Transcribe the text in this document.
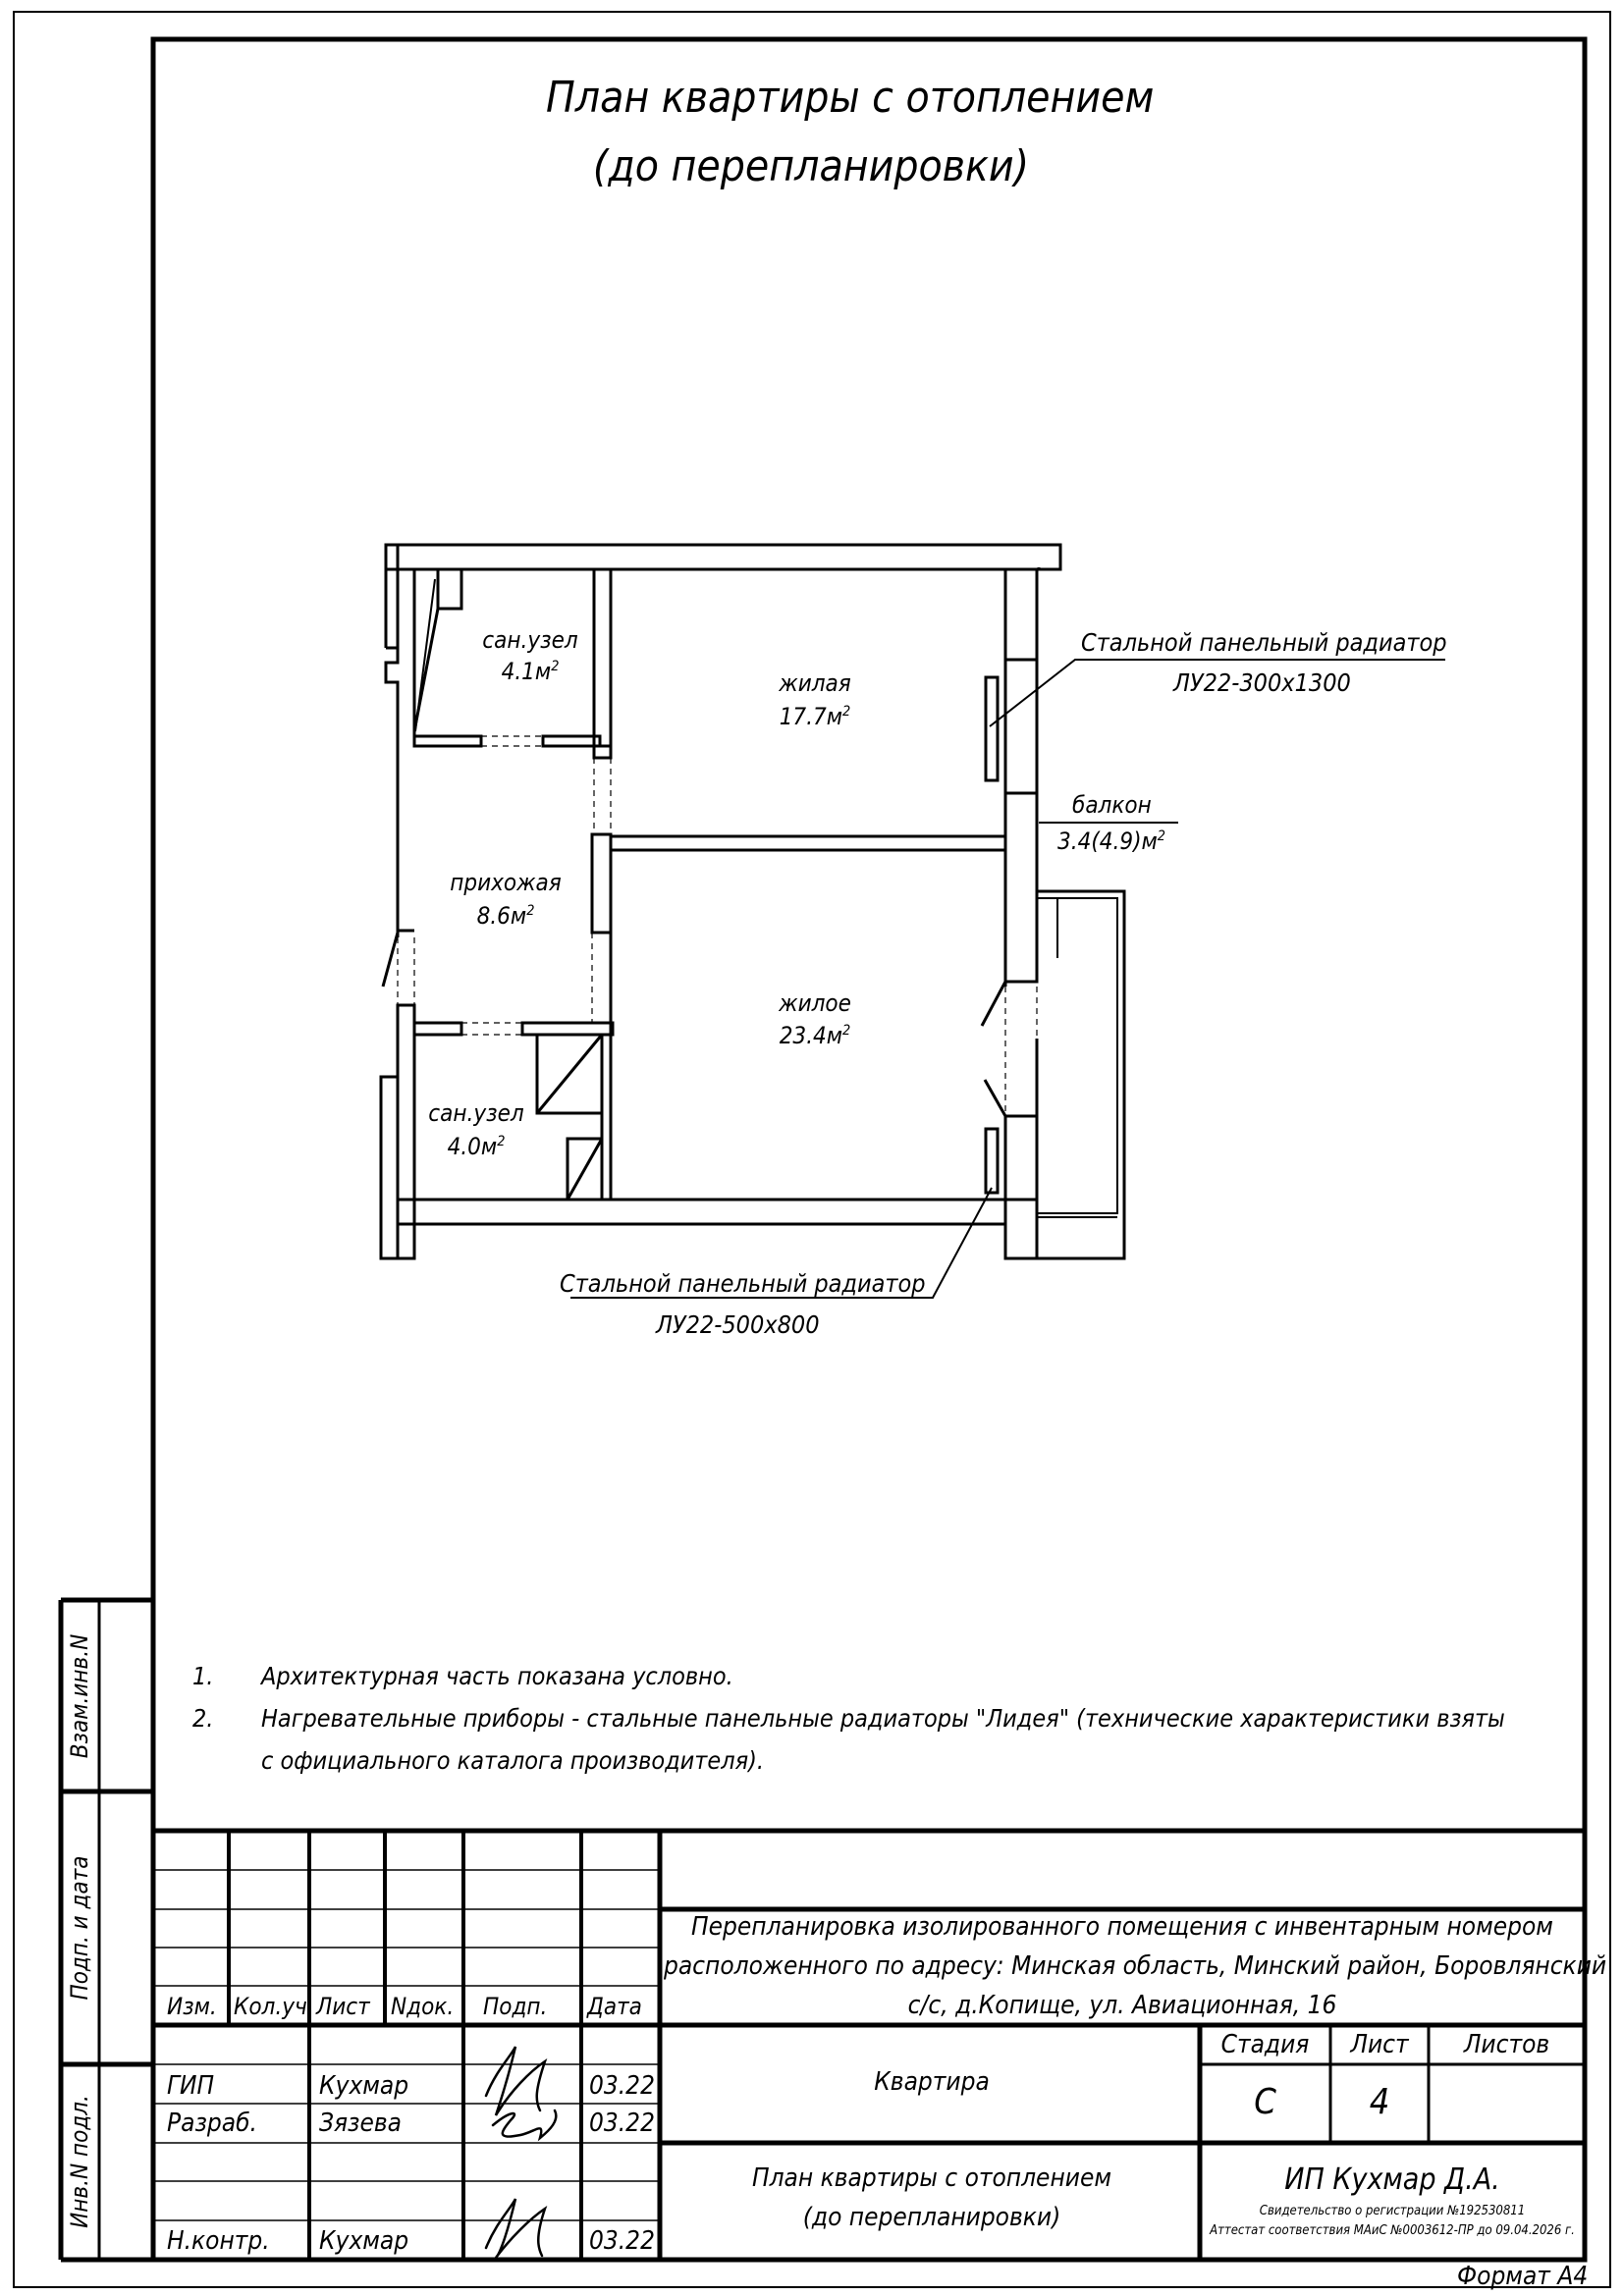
План квартиры с отоплением
(до перепланировки)
сан.узел
$4.1м^2$
жилая
$17.7м^2$
прихожая
$8.6м^2$
жилое
$23.4м^2$
сан.узел
$4.0м^2$
балкон
$3.4(4.9)м^2$
Стальной панельный радиатор
ЛУ22-300х1300
Стальной панельный радиатор
ЛУ22-500х800
1. Архитектурная часть показана условно.
2. Нагревательные приборы - стальные панельные радиаторы "Лидея" (технические характеристики взяты
с официального каталога производителя).
Взам.инв.N
Подп. и дата
Инв.N подл.
Изм. Кол.уч. Лист Nдок. Подп. Дата
ГИП	Кухмар	03.22
Разраб. Зязева	03.22
Н.контр. Кухмар	03.22
Перепланировка изолированного помещения с инвентарным номером
расположенного по адресу: Минская область, Минский район, Боровлянский
с/с, д.Копище, ул. Авиационная, 16
Квартира
План квартиры с отоплением
(до перепланировки)
Стадия	Лист	Листов
С	4
ИП Кухмар Д.А.
Свидетельство о регистрации №192530811
Аттестат соответствия МАиС №0003612-ПР до 09.04.2026 г.
Формат А4
